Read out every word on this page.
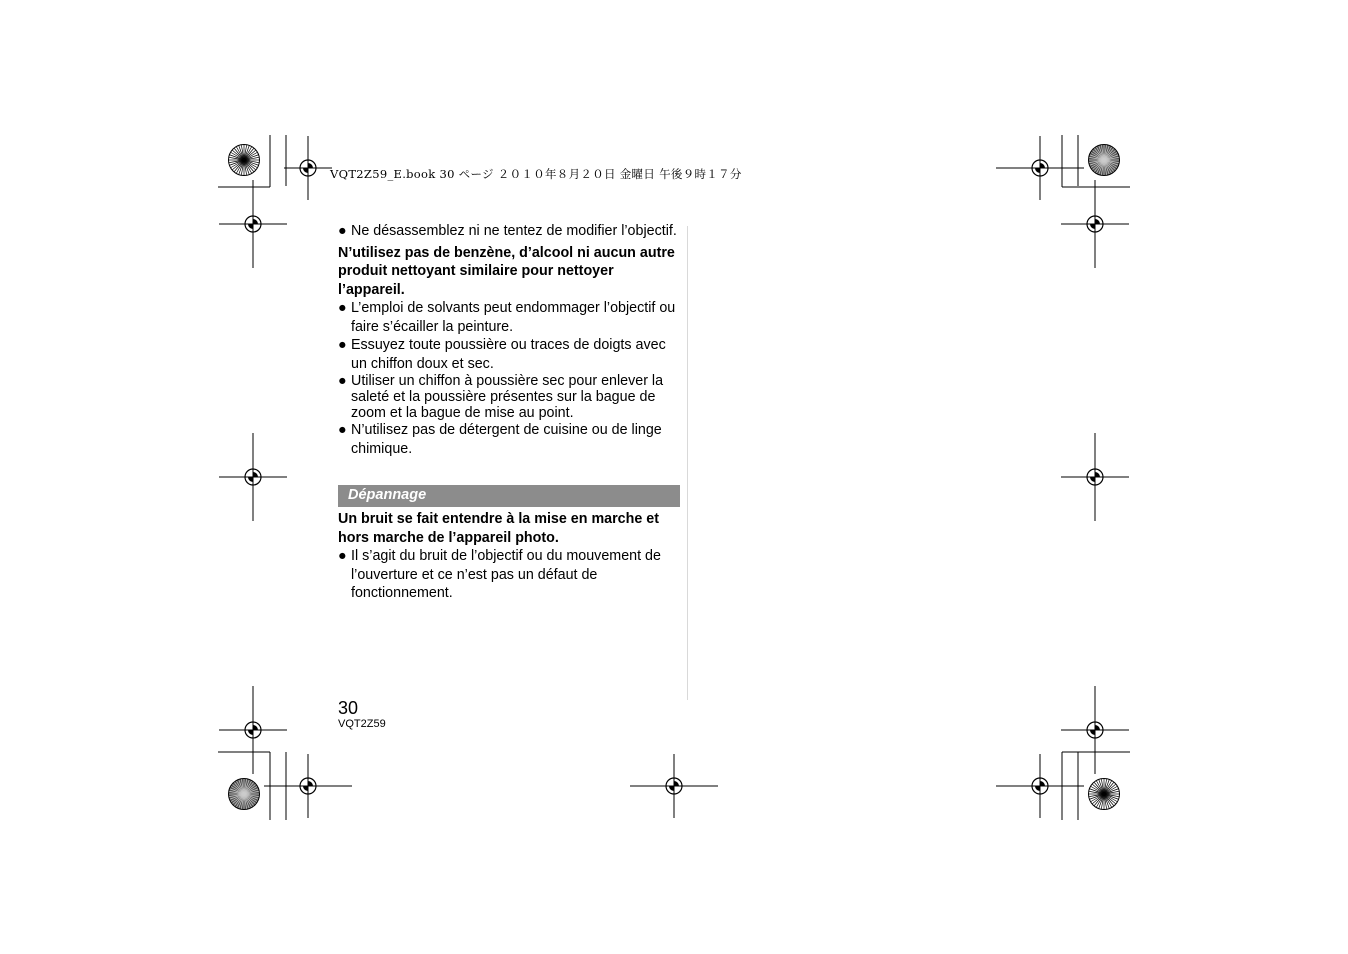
VQT2Z59_E.book 30 ページ ２０１０年８月２０日 金曜日 午後９時１７分

● Ne désassemblez ni ne tentez de modifier l’objectif.

N’utilisez pas de benzène, d’alcool ni aucun autre produit nettoyant similaire pour nettoyer l’appareil.

● L’emploi de solvants peut endommager l’objectif ou faire s’écailler la peinture.

● Essuyez toute poussière ou traces de doigts avec un chiffon doux et sec.

● Utiliser un chiffon à poussière sec pour enlever la saleté et la poussière présentes sur la bague de zoom et la bague de mise au point.

● N’utilisez pas de détergent de cuisine ou de linge chimique.

Dépannage

Un bruit se fait entendre à la mise en marche et hors marche de l’appareil photo.

● Il s’agit du bruit de l’objectif ou du mouvement de l’ouverture et ce n’est pas un défaut de fonctionnement.

30
VQT2Z59
